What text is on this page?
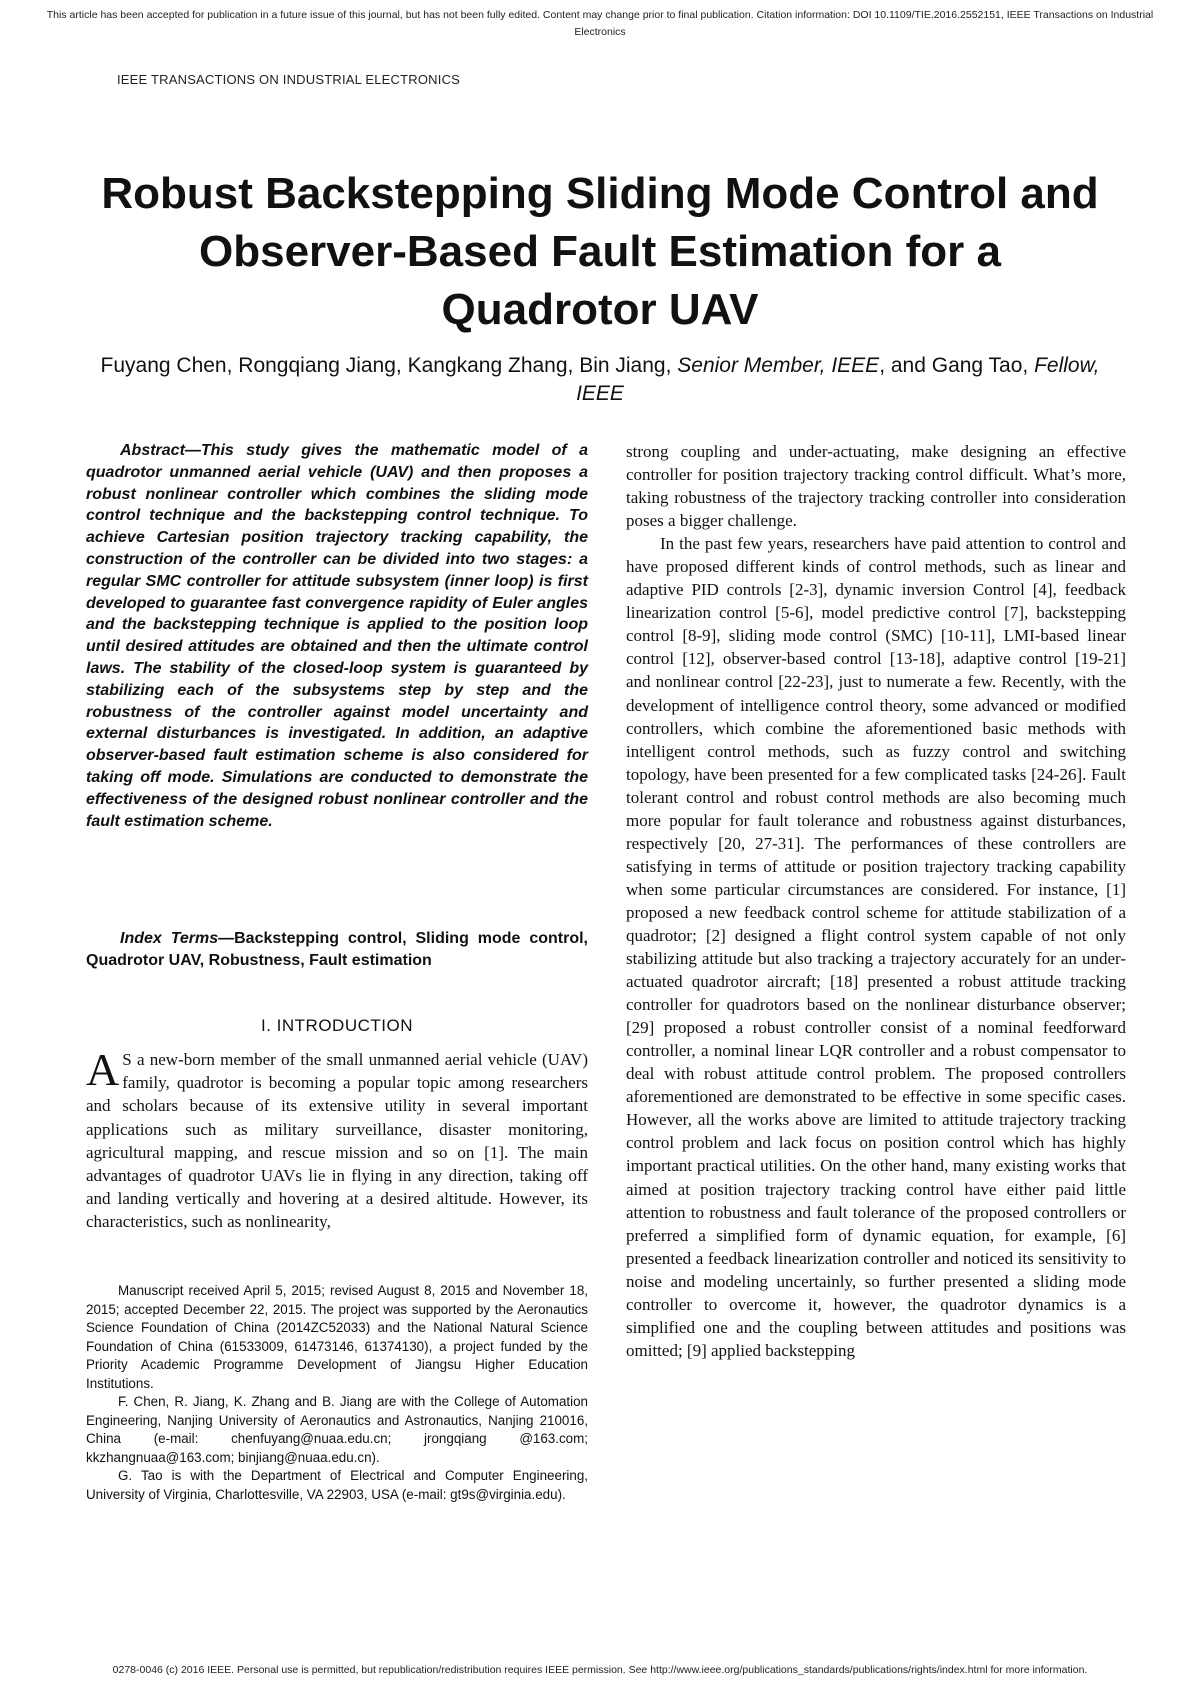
This article has been accepted for publication in a future issue of this journal, but has not been fully edited. Content may change prior to final publication. Citation information: DOI 10.1109/TIE.2016.2552151, IEEE Transactions on Industrial Electronics
IEEE TRANSACTIONS ON INDUSTRIAL ELECTRONICS
Robust Backstepping Sliding Mode Control and Observer-Based Fault Estimation for a Quadrotor UAV
Fuyang Chen, Rongqiang Jiang, Kangkang Zhang, Bin Jiang, Senior Member, IEEE, and Gang Tao, Fellow, IEEE

Abstract—This study gives the mathematic model of a quadrotor unmanned aerial vehicle (UAV) and then proposes a robust nonlinear controller which combines the sliding mode control technique and the backstepping control technique. To achieve Cartesian position trajectory tracking capability, the construction of the controller can be divided into two stages: a regular SMC controller for attitude subsystem (inner loop) is first developed to guarantee fast convergence rapidity of Euler angles and the backstepping technique is applied to the position loop until desired attitudes are obtained and then the ultimate control laws. The stability of the closed-loop system is guaranteed by stabilizing each of the subsystems step by step and the robustness of the controller against model uncertainty and external disturbances is investigated. In addition, an adaptive observer-based fault estimation scheme is also considered for taking off mode. Simulations are conducted to demonstrate the effectiveness of the designed robust nonlinear controller and the fault estimation scheme.

Index Terms—Backstepping control, Sliding mode control, Quadrotor UAV, Robustness, Fault estimation

I. INTRODUCTION

A S a new-born member of the small unmanned aerial vehicle (UAV) family, quadrotor is becoming a popular topic among researchers and scholars because of its extensive utility in several important applications such as military surveillance, disaster monitoring, agricultural mapping, and rescue mission and so on [1]. The main advantages of quadrotor UAVs lie in flying in any direction, taking off and landing vertically and hovering at a desired altitude. However, its characteristics, such as nonlinearity,

Manuscript received April 5, 2015; revised August 8, 2015 and November 18, 2015; accepted December 22, 2015. The project was supported by the Aeronautics Science Foundation of China (2014ZC52033) and the National Natural Science Foundation of China (61533009, 61473146, 61374130), a project funded by the Priority Academic Programme Development of Jiangsu Higher Education Institutions.

F. Chen, R. Jiang, K. Zhang and B. Jiang are with the College of Automation Engineering, Nanjing University of Aeronautics and Astronautics, Nanjing 210016, China (e-mail: chenfuyang@nuaa.edu.cn; jrongqiang @163.com; kkzhangnuaa@163.com; binjiang@nuaa.edu.cn).

G. Tao is with the Department of Electrical and Computer Engineering, University of Virginia, Charlottesville, VA 22903, USA (e-mail: gt9s@virginia.edu).

strong coupling and under-actuating, make designing an effective controller for position trajectory tracking control difficult. What’s more, taking robustness of the trajectory tracking controller into consideration poses a bigger challenge.

In the past few years, researchers have paid attention to control and have proposed different kinds of control methods, such as linear and adaptive PID controls [2-3], dynamic inversion Control [4], feedback linearization control [5-6], model predictive control [7], backstepping control [8-9], sliding mode control (SMC) [10-11], LMI-based linear control [12], observer-based control [13-18], adaptive control [19-21] and nonlinear control [22-23], just to numerate a few. Recently, with the development of intelligence control theory, some advanced or modified controllers, which combine the aforementioned basic methods with intelligent control methods, such as fuzzy control and switching topology, have been presented for a few complicated tasks [24-26]. Fault tolerant control and robust control methods are also becoming much more popular for fault tolerance and robustness against disturbances, respectively [20, 27-31]. The performances of these controllers are satisfying in terms of attitude or position trajectory tracking capability when some particular circumstances are considered. For instance, [1] proposed a new feedback control scheme for attitude stabilization of a quadrotor; [2] designed a flight control system capable of not only stabilizing attitude but also tracking a trajectory accurately for an under-actuated quadrotor aircraft; [18] presented a robust attitude tracking controller for quadrotors based on the nonlinear disturbance observer; [29] proposed a robust controller consist of a nominal feedforward controller, a nominal linear LQR controller and a robust compensator to deal with robust attitude control problem. The proposed controllers aforementioned are demonstrated to be effective in some specific cases. However, all the works above are limited to attitude trajectory tracking control problem and lack focus on position control which has highly important practical utilities. On the other hand, many existing works that aimed at position trajectory tracking control have either paid little attention to robustness and fault tolerance of the proposed controllers or preferred a simplified form of dynamic equation, for example, [6] presented a feedback linearization controller and noticed its sensitivity to noise and modeling uncertainly, so further presented a sliding mode controller to overcome it, however, the quadrotor dynamics is a simplified one and the coupling between attitudes and positions was omitted; [9] applied backstepping

0278-0046 (c) 2016 IEEE. Personal use is permitted, but republication/redistribution requires IEEE permission. See http://www.ieee.org/publications_standards/publications/rights/index.html for more information.
